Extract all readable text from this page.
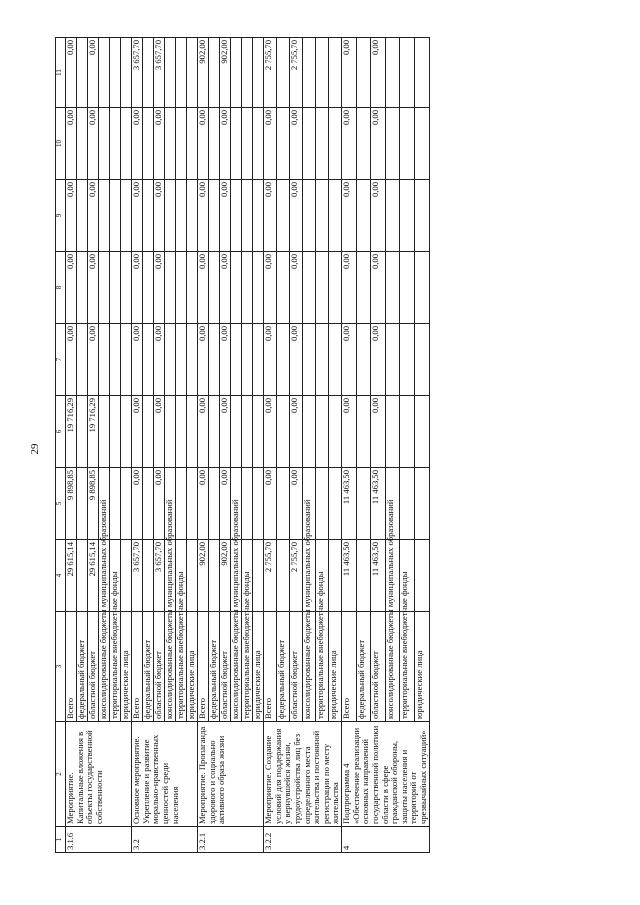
29
1	2	3	4	5	6	7	8	9	10	11
3.1.6	Мероприятие. Капитальные вложения в объекты государственной собственности	Всего	29 615,14	9 898,85	19 716,29	0,00	0,00	0,00	0,00	0,00
		федеральный бюджет								
		областной бюджет	29 615,14	9 898,85	19 716,29	0,00	0,00	0,00	0,00	0,00
		консолидированные бюджеты муниципальных образований								
		территориальные внебюджетные фонды								
		юридические лица								
3.2	Основное мероприятие. Укрепление и развитие морально-нравственных ценностей среди населения	Всего	3 657,70	0,00	0,00	0,00	0,00	0,00	0,00	3 657,70
		федеральный бюджет								
		областной бюджет	3 657,70	0,00	0,00	0,00	0,00	0,00	0,00	3 657,70
		консолидированные бюджеты муниципальных образований								
		территориальные внебюджетные фонды								
		юридические лица								
3.2.1	Мероприятие. Пропаганда здорового и социально активного образа жизни	Всего	902,00	0,00	0,00	0,00	0,00	0,00	0,00	902,00
		федеральный бюджет								
		областной бюджет	902,00	0,00	0,00	0,00	0,00	0,00	0,00	902,00
		консолидированные бюджеты муниципальных образований								
		территориальные внебюджетные фонды								
		юридические лица								
3.2.2	Мероприятие. Создание условий для поддержания у вернувшейся жизни, трудоустройства лиц без определенного места жительства и постоянной регистрации по месту жительства	Всего	2 755,70	0,00	0,00	0,00	0,00	0,00	0,00	2 755,70
		федеральный бюджет								
		областной бюджет	2 755,70	0,00	0,00	0,00	0,00	0,00	0,00	2 755,70
		консолидированные бюджеты муниципальных образований								
		территориальные внебюджетные фонды								
		юридические лица								
4	Подпрограмма 4 «Обеспечение реализации основных направлений государственной политики области в сфере гражданской обороны, защиты населения и территорий от чрезвычайных ситуаций»	Всего	11 463,50	11 463,50	0,00	0,00	0,00	0,00	0,00	0,00
		федеральный бюджет								
		областной бюджет	11 463,50	11 463,50	0,00	0,00	0,00	0,00	0,00	0,00
		консолидированные бюджеты муниципальных образований								
		территориальные внебюджетные фонды								
		юридические лица								
